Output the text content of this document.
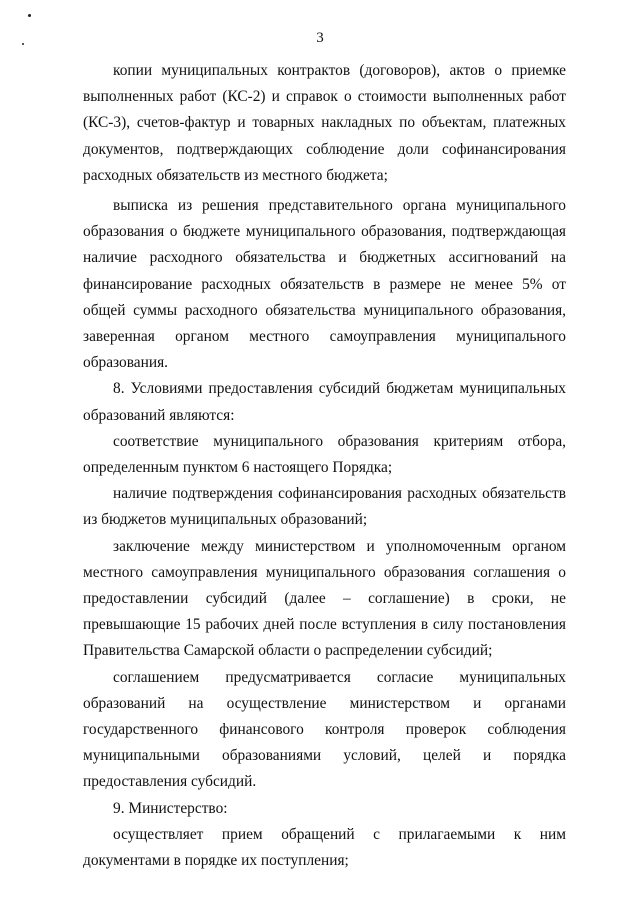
3

копии муниципальных контрактов (договоров), актов о приемке выполненных работ (КС-2) и справок о стоимости выполненных работ (КС-3), счетов-фактур и товарных накладных по объектам, платежных документов, подтверждающих соблюдение доли софинансирования расходных обязательств из местного бюджета;

выписка из решения представительного органа муниципального образования о бюджете муниципального образования, подтверждающая наличие расходного обязательства и бюджетных ассигнований на финансирование расходных обязательств в размере не менее 5% от общей суммы расходного обязательства муниципального образования, заверенная органом местного самоуправления муниципального образования.

8. Условиями предоставления субсидий бюджетам муниципальных образований являются:

соответствие муниципального образования критериям отбора, определенным пунктом 6 настоящего Порядка;

наличие подтверждения софинансирования расходных обязательств из бюджетов муниципальных образований;

заключение между министерством и уполномоченным органом местного самоуправления муниципального образования соглашения о предоставлении субсидий (далее – соглашение) в сроки, не превышающие 15 рабочих дней после вступления в силу постановления Правительства Самарской области о распределении субсидий;

соглашением предусматривается согласие муниципальных образований на осуществление министерством и органами государственного финансового контроля проверок соблюдения муниципальными образованиями условий, целей и порядка предоставления субсидий.

9. Министерство:

осуществляет прием обращений с прилагаемыми к ним документами в порядке их поступления;
